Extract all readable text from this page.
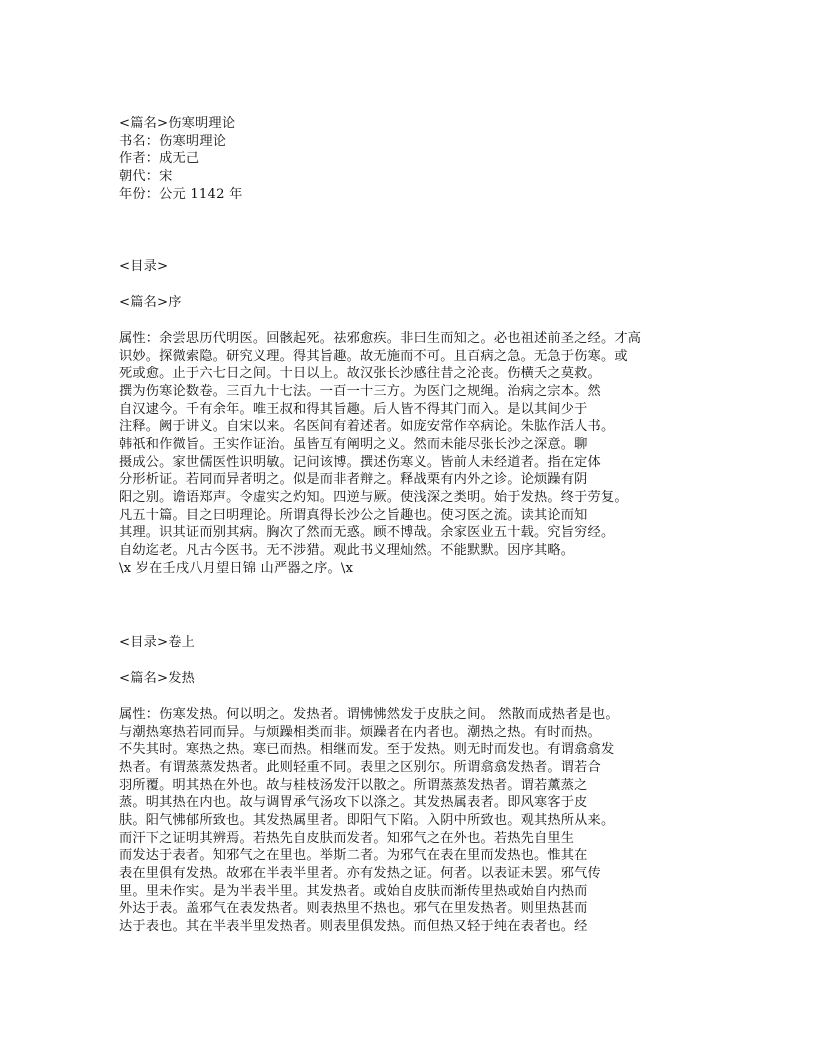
<篇名>伤寒明理论
书名：伤寒明理论
作者：成无己
朝代：宋
年份：公元 1142 年
<目录>
<篇名>序
属性：余尝思历代明医。回骸起死。祛邪愈疾。非曰生而知之。必也祖述前圣之经。才高
识妙。探微索隐。研究义理。得其旨趣。故无施而不可。且百病之急。无急于伤寒。或
死或愈。止于六七日之间。十日以上。故汉张长沙感往昔之沦丧。伤横夭之莫救。
撰为伤寒论数卷。三百九十七法。一百一十三方。为医门之规绳。治病之宗本。然
自汉逮今。千有余年。唯王叔和得其旨趣。后人皆不得其门而入。是以其间少于
注释。阙于讲义。自宋以来。名医间有着述者。如庞安常作卒病论。朱肱作活人书。
韩祇和作微旨。王实作证治。虽皆互有阐明之义。然而未能尽张长沙之深意。聊
摄成公。家世儒医性识明敏。记问该博。撰述伤寒义。皆前人未经道者。指在定体
分形析证。若同而异者明之。似是而非者辩之。释战栗有内外之诊。论烦躁有阴
阳之别。谵语郑声。令虚实之灼知。四逆与厥。使浅深之类明。始于发热。终于劳复。
凡五十篇。目之曰明理论。所谓真得长沙公之旨趣也。使习医之流。读其论而知
其理。识其证而别其病。胸次了然而无惑。顾不博哉。余家医业五十载。究旨穷经。
自幼迄老。凡古今医书。无不涉猎。观此书义理灿然。不能默默。因序其略。
\x 岁在壬戌八月望日锦 山严器之序。\x
<目录>卷上
<篇名>发热
属性：伤寒发热。何以明之。发热者。谓怫怫然发于皮肤之间。 然散而成热者是也。
与潮热寒热若同而异。与烦躁相类而非。烦躁者在内者也。潮热之热。有时而热。
不失其时。寒热之热。寒已而热。相继而发。至于发热。则无时而发也。有谓翕翕发
热者。有谓蒸蒸发热者。此则轻重不同。表里之区别尔。所谓翕翕发热者。谓若合
羽所覆。明其热在外也。故与桂枝汤发汗以散之。所谓蒸蒸发热者。谓若薰蒸之
蒸。明其热在内也。故与调胃承气汤攻下以涤之。其发热属表者。即风寒客于皮
肤。阳气怫郁所致也。其发热属里者。即阳气下陷。入阴中所致也。观其热所从来。
而汗下之证明其辨焉。若热先自皮肤而发者。知邪气之在外也。若热先自里生
而发达于表者。知邪气之在里也。举斯二者。为邪气在表在里而发热也。惟其在
表在里俱有发热。故邪在半表半里者。亦有发热之证。何者。以表证未罢。邪气传
里。里未作实。是为半表半里。其发热者。或始自皮肤而渐传里热或始自内热而
外达于表。盖邪气在表发热者。则表热里不热也。邪气在里发热者。则里热甚而
达于表也。其在半表半里发热者。则表里俱发热。而但热又轻于纯在表者也。经
